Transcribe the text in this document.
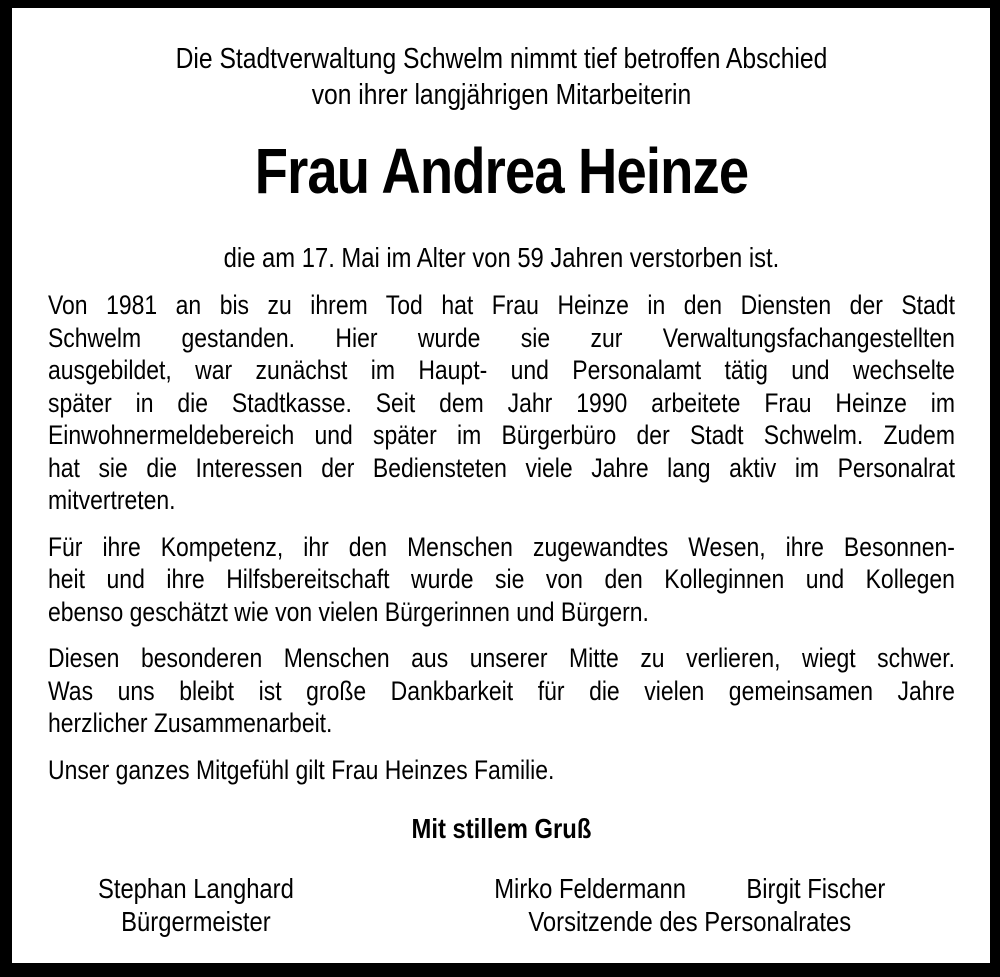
Die Stadtverwaltung Schwelm nimmt tief betroffen Abschied
von ihrer langjährigen Mitarbeiterin
Frau Andrea Heinze
die am 17. Mai im Alter von 59 Jahren verstorben ist.
Von 1981 an bis zu ihrem Tod hat Frau Heinze in den Diensten der Stadt
Schwelm gestanden. Hier wurde sie zur Verwaltungsfachangestellten
ausgebildet, war zunächst im Haupt- und Personalamt tätig und wechselte
später in die Stadtkasse. Seit dem Jahr 1990 arbeitete Frau Heinze im
Einwohnermeldebereich und später im Bürgerbüro der Stadt Schwelm. Zudem
hat sie die Interessen der Bediensteten viele Jahre lang aktiv im Personalrat
mitvertreten.
Für ihre Kompetenz, ihr den Menschen zugewandtes Wesen, ihre Besonnen-
heit und ihre Hilfsbereitschaft wurde sie von den Kolleginnen und Kollegen
ebenso geschätzt wie von vielen Bürgerinnen und Bürgern.
Diesen besonderen Menschen aus unserer Mitte zu verlieren, wiegt schwer.
Was uns bleibt ist große Dankbarkeit für die vielen gemeinsamen Jahre
herzlicher Zusammenarbeit.
Unser ganzes Mitgefühl gilt Frau Heinzes Familie.
Mit stillem Gruß
Stephan Langhard
Bürgermeister
Mirko Feldermann Birgit Fischer
Vorsitzende des Personalrates
